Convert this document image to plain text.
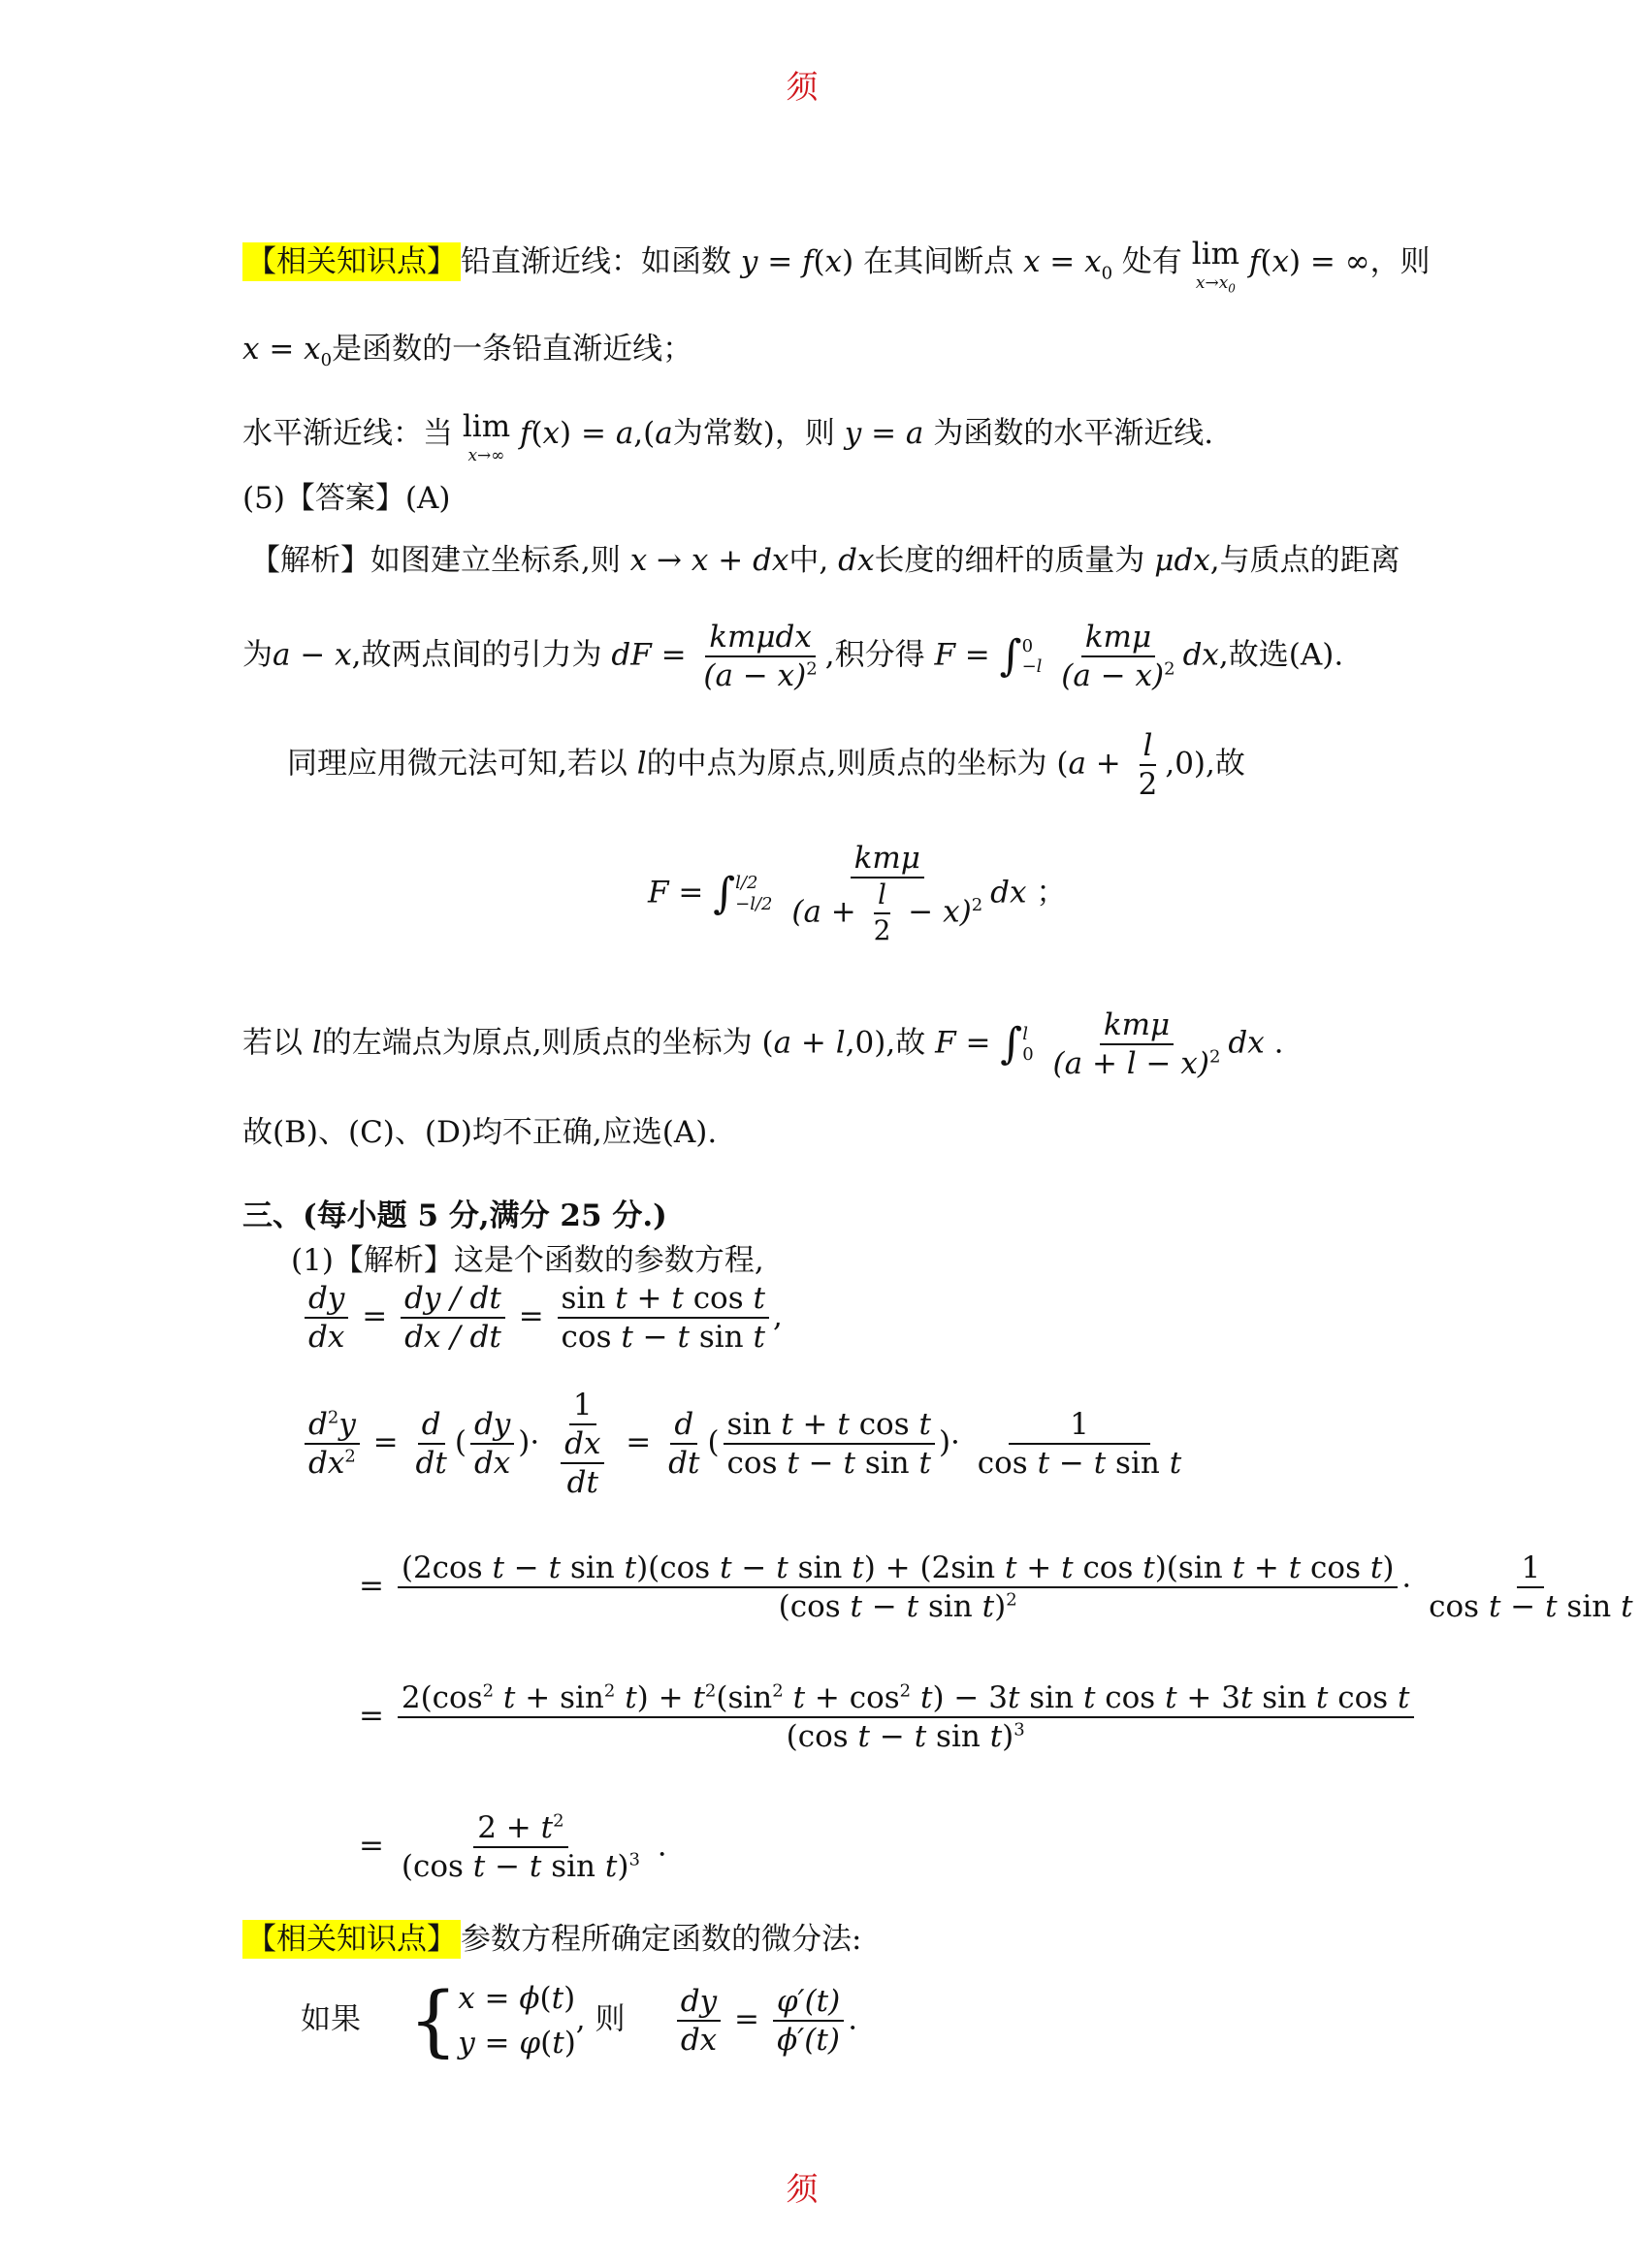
须
须
【相关知识点】 铅直渐近线：如函数 y = f(x) 在其间断点 $x = x_0$ 处有 lim
$x\to x_0$
f(x) = ∞，则
$x = x_0$是函数的一条铅直渐近线；
水平渐近线：当 lim
x→∞
f(x) = a,(a为常数)，则 y = a 为函数的水平渐近线.
(5)【答案】(A)
【解析】如图建立坐标系,则 x → x + dx中, dx长度的细杆的质量为 μdx,与质点的距离
为a − x,故两点间的引力为 dF = $\frac{\text{kmμdx}}{(a - x)^2}$ ,积分得 F = ∫ 0
−l
$\frac{\text{kmμ}}{(a - x)^2}$ dx,故选(A).
同理应用微元法可知,若以 l的中点为原点,则质点的坐标为 $(a + \frac{l}{2} ,0)$,故
F = ∫ l/2
−l/2
$\frac{\text{kmμ}}{(a + \frac{l}{2} - x)^2}$ dx ；
若以 l的左端点为原点,则质点的坐标为 (a + l,0),故 F = ∫ l
0
$\frac{\text{kmμ}}{(a + l - x)^2}$ dx .
故(B)、(C)、(D)均不正确,应选(A).
三、(每小题 5 分,满分 25 分.)
(1)【解析】这是个函数的参数方程,
$\frac{dy}{dx} = \frac{dy / dt}{dx / dt} = \frac{\text{sin t + t cos t}}{\text{cos t − t sin t}}$ ,
$\frac{d^2y}{dx^2} = \frac{d}{dt}$ ( $\frac{dy}{dx}$ )· $\frac{1}{\frac{dx}{dt}} = \frac{d}{dt}$ ( $\frac{\text{sin t + t cos t}}{\text{cos t − t sin t}}$ )· $\frac{1}{\text{cos t − t sin t}}$
=
(2cos t − t sin t)(cos t − t sin t) + (2sin t + t cos t)(sin t + t cos t)
(cos t − t sin t)$^2$	· $\frac{1}{\text{cos t − t sin t}}$
=
$2(\cos^2$ $t + \sin^2 t) + t^2(\sin^2$ $t + \cos^2 t) - 3t$ sin t cos t + 3t sin t cos t
(cos t − t sin t)$^3$
= $\frac{2 + t^2}{(\cos t - t \sin t)^3}$ .
【相关知识点】 参数方程所确定函数的微分法:
如果 { x = ϕ(t)
y = φ(t)
, 则 $\frac{dy}{dx} = \frac{\varphi'(t)}{\phi'(t)}$ .
